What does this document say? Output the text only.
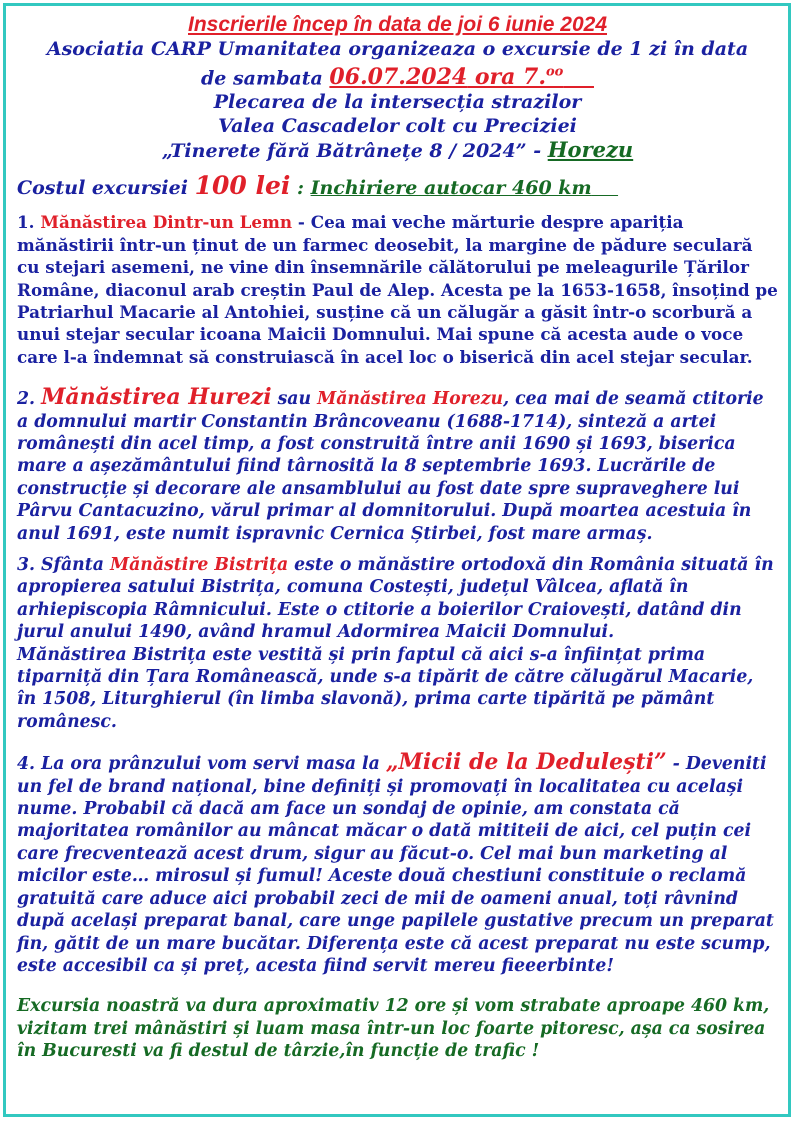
Inscrierile încep în data de joi 6 iunie 2024
Asociatia CARP Umanitatea organizeaza o excursie de 1 zi în data
de sambata 06.07.2024 ora 7.$^{oo}$
Plecarea de la intersecția strazilor
Valea Cascadelor colt cu Preciziei
„Tinerete fără Bătrânețe 8 / 2024” - Horezu
Costul excursiei 100 lei : Inchiriere autocar 460 km

1. Mănăstirea Dintr-un Lemn - Cea mai veche mărturie despre apariția mănăstirii într-un ținut de un farmec deosebit, la margine de pădure seculară cu stejari asemeni, ne vine din însemnările călătorului pe meleagurile Țărilor Române, diaconul arab creștin Paul de Alep. Acesta pe la 1653-1658, însoțind pe Patriarhul Macarie al Antohiei, susține că un călugăr a găsit într-o scorbură a unui stejar secular icoana Maicii Domnului. Mai spune că acesta aude o voce care l-a îndemnat să construiască în acel loc o biserică din acel stejar secular.

2. Mănăstirea Hurezi sau Mănăstirea Horezu, cea mai de seamă ctitorie a domnului martir Constantin Brâncoveanu (1688-1714), sinteză a artei românești din acel timp, a fost construită între anii 1690 și 1693, biserica mare a așezământului fiind târnosită la 8 septembrie 1693. Lucrările de construcție și decorare ale ansamblului au fost date spre supraveghere lui Pârvu Cantacuzino, vărul primar al domnitorului. După moartea acestuia în anul 1691, este numit ispravnic Cernica Știrbei, fost mare armaș.

3. Sfânta Mănăstire Bistrița este o mănăstire ortodoxă din România situată în apropierea satului Bistrița, comuna Costești, județul Vâlcea, aflată în arhiepiscopia Râmnicului. Este o ctitorie a boierilor Craiovești, datând din jurul anului 1490, având hramul Adormirea Maicii Domnului.
Mănăstirea Bistrița este vestită și prin faptul că aici s-a înființat prima tiparniță din Țara Românească, unde s-a tipărit de către călugărul Macarie, în 1508, Liturghierul (în limba slavonă), prima carte tipărită pe pământ românesc.

4. La ora prânzului vom servi masa la „Micii de la Dedulești” - Deveniti un fel de brand național, bine definiți și promovați în localitatea cu același nume. Probabil că dacă am face un sondaj de opinie, am constata că majoritatea românilor au mâncat măcar o dată mititeii de aici, cel puțin cei care frecventează acest drum, sigur au făcut-o. Cel mai bun marketing al micilor este… mirosul și fumul! Aceste două chestiuni constituie o reclamă gratuită care aduce aici probabil zeci de mii de oameni anual, toți râvnind după același preparat banal, care unge papilele gustative precum un preparat fin, gătit de un mare bucătar. Diferența este că acest preparat nu este scump, este accesibil ca și preț, acesta fiind servit mereu fieeerbinte!

Excursia noastră va dura aproximativ 12 ore și vom strabate aproape 460 km, vizitam trei mânăstiri și luam masa într-un loc foarte pitoresc, așa ca sosirea în Bucuresti va fi destul de târzie,în funcție de trafic !
